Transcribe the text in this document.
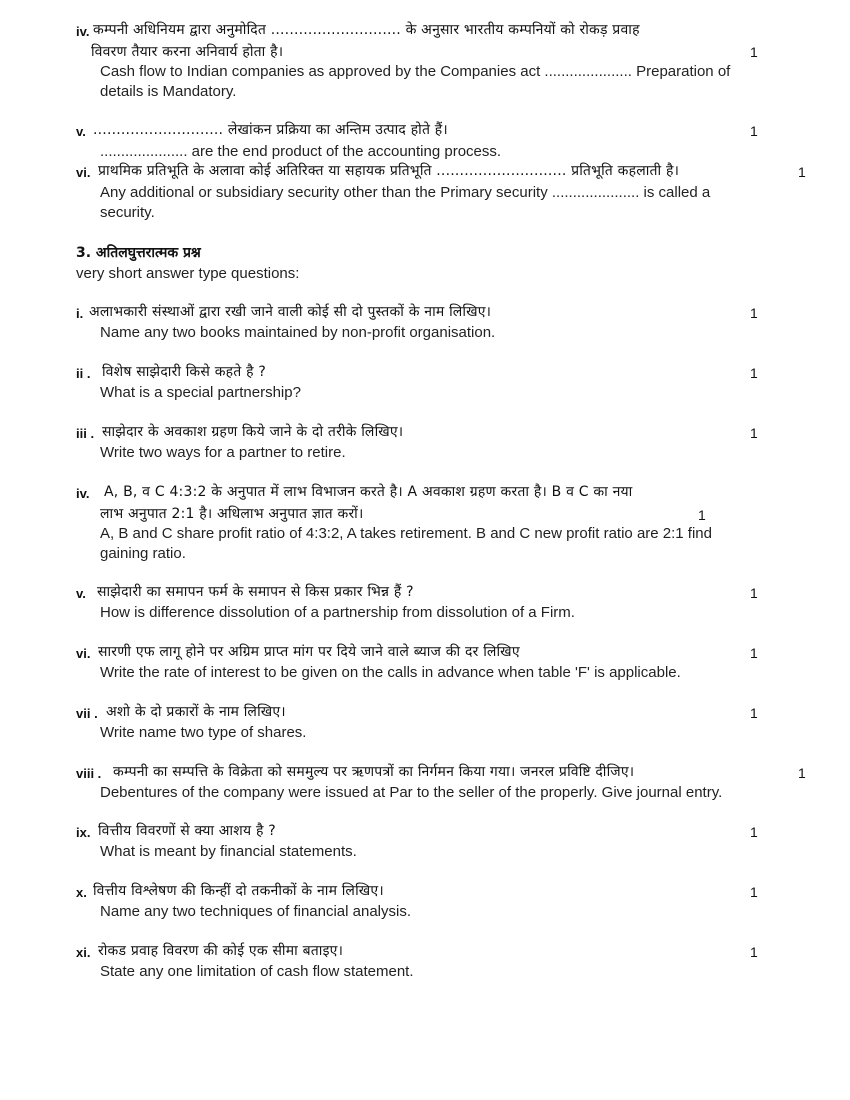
iv. कम्पनी अधिनियम द्वारा अनुमोदित ............................ के अनुसार भारतीय कम्पनियों को रोकड़ प्रवाह
विवरण तैयार करना अनिवार्य होता है।	1
Cash flow to Indian companies as approved by the Companies act ..................... Preparation of
details is Mandatory.
v. ............................ लेखांकन प्रक्रिया का अन्तिम उत्पाद होते हैं।	1
..................... are the end product of the accounting process.
vi. प्राथमिक प्रतिभूति के अलावा कोई अतिरिक्त या सहायक प्रतिभूति ............................ प्रतिभूति कहलाती है।	1
Any additional or subsidiary security other than the Primary security ..................... is called a
security.
3. अतिलघुत्तरात्मक प्रश्न
very short answer type questions:
i. अलाभकारी संस्थाओं द्वारा रखी जाने वाली कोई सी दो पुस्तकों के नाम लिखिए।	1
Name any two books maintained by non-profit organisation.
ii . विशेष साझेदारी किसे कहते है ?	1
What is a special partnership?
iii . साझेदार के अवकाश ग्रहण किये जाने के दो तरीके लिखिए।	1
Write two ways for a partner to retire.
iv. A, B, व C 4:3:2 के अनुपात में लाभ विभाजन करते है। A अवकाश ग्रहण करता है। B व C का नया
लाभ अनुपात 2:1 है। अधिलाभ अनुपात ज्ञात करों।	1
A, B and C share profit ratio of 4:3:2, A takes retirement. B and C new profit ratio are 2:1 find
gaining ratio.
v. साझेदारी का समापन फर्म के समापन से किस प्रकार भिन्न हैं ?	1
How is difference dissolution of a partnership from dissolution of a Firm.
vi. सारणी एफ लागू होने पर अग्रिम प्राप्त मांग पर दिये जाने वाले ब्याज की दर लिखिए	1
Write the rate of interest to be given on the calls in advance when table 'F' is applicable.
vii . अशो के दो प्रकारों के नाम लिखिए।	1
Write name two type of shares.
viii . कम्पनी का सम्पत्ति के विक्रेता को सममुल्य पर ऋणपत्रों का निर्गमन किया गया। जनरल प्रविष्टि दीजिए।	1
Debentures of the company were issued at Par to the seller of the properly. Give journal entry.
ix. वित्तीय विवरणों से क्या आशय है ?	1
What is meant by financial statements.
x. वित्तीय विश्लेषण की किन्हीं दो तकनीकों के नाम लिखिए।	1
Name any two techniques of financial analysis.
xi. रोकड प्रवाह विवरण की कोई एक सीमा बताइए।	1
State any one limitation of cash flow statement.
